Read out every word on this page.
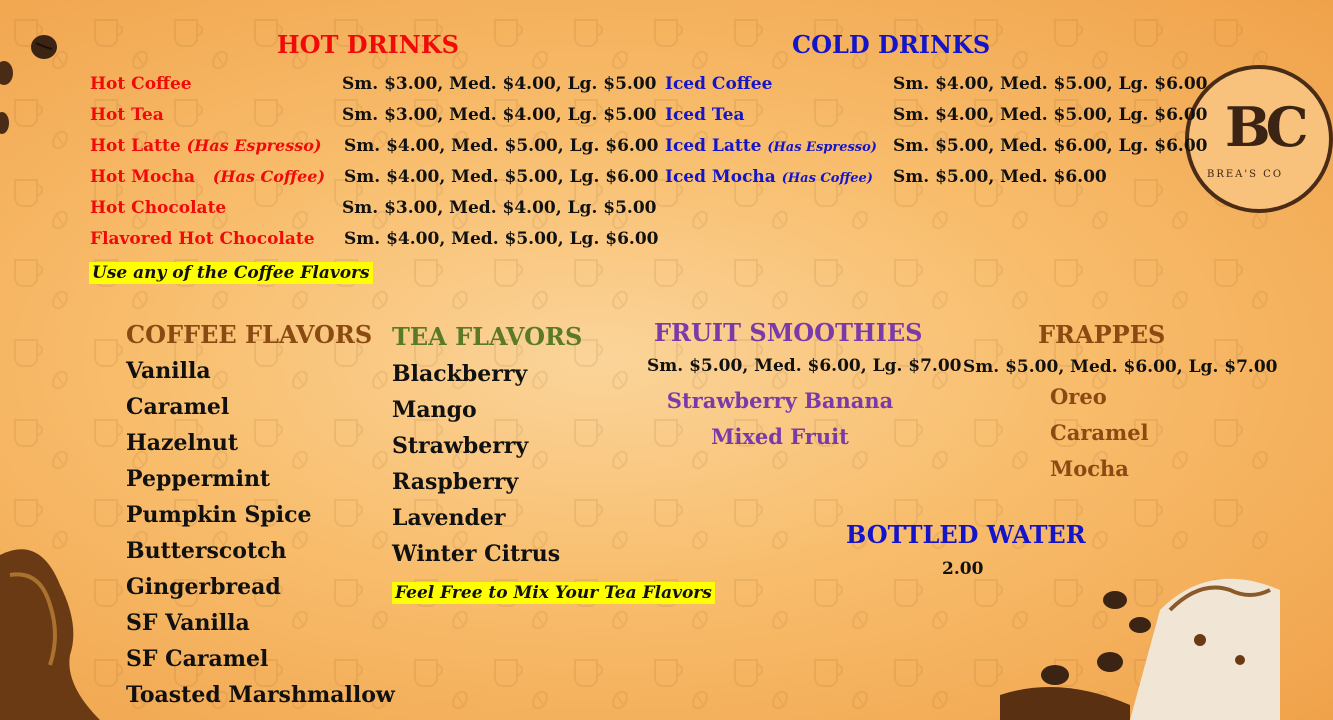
BC
BREA'S CO
HOT DRINKS
Hot Coffee
Hot Tea
Hot Latte (Has Espresso)
Hot Mocha (Has Coffee)
Hot Chocolate
Flavored Hot Chocolate
Sm. $3.00, Med. $4.00, Lg. $5.00
Sm. $3.00, Med. $4.00, Lg. $5.00
Sm. $4.00, Med. $5.00, Lg. $6.00
Sm. $4.00, Med. $5.00, Lg. $6.00
Sm. $3.00, Med. $4.00, Lg. $5.00
Sm. $4.00, Med. $5.00, Lg. $6.00
Use any of the Coffee Flavors
COLD DRINKS
Iced Coffee
Iced Tea
Iced Latte (Has Espresso)
Iced Mocha (Has Coffee)
Sm. $4.00, Med. $5.00, Lg. $6.00
Sm. $4.00, Med. $5.00, Lg. $6.00
Sm. $5.00, Med. $6.00, Lg. $6.00
Sm. $5.00, Med. $6.00
COFFEE FLAVORS
Vanilla
Caramel
Hazelnut
Peppermint
Pumpkin Spice
Butterscotch
Gingerbread
SF Vanilla
SF Caramel
Toasted Marshmallow
TEA FLAVORS
Blackberry
Mango
Strawberry
Raspberry
Lavender
Winter Citrus
Feel Free to Mix Your Tea Flavors
FRUIT SMOOTHIES
Sm. $5.00, Med. $6.00, Lg. $7.00
Strawberry Banana
Mixed Fruit
FRAPPES
Sm. $5.00, Med. $6.00, Lg. $7.00
Oreo
Caramel
Mocha
BOTTLED WATER
2.00
